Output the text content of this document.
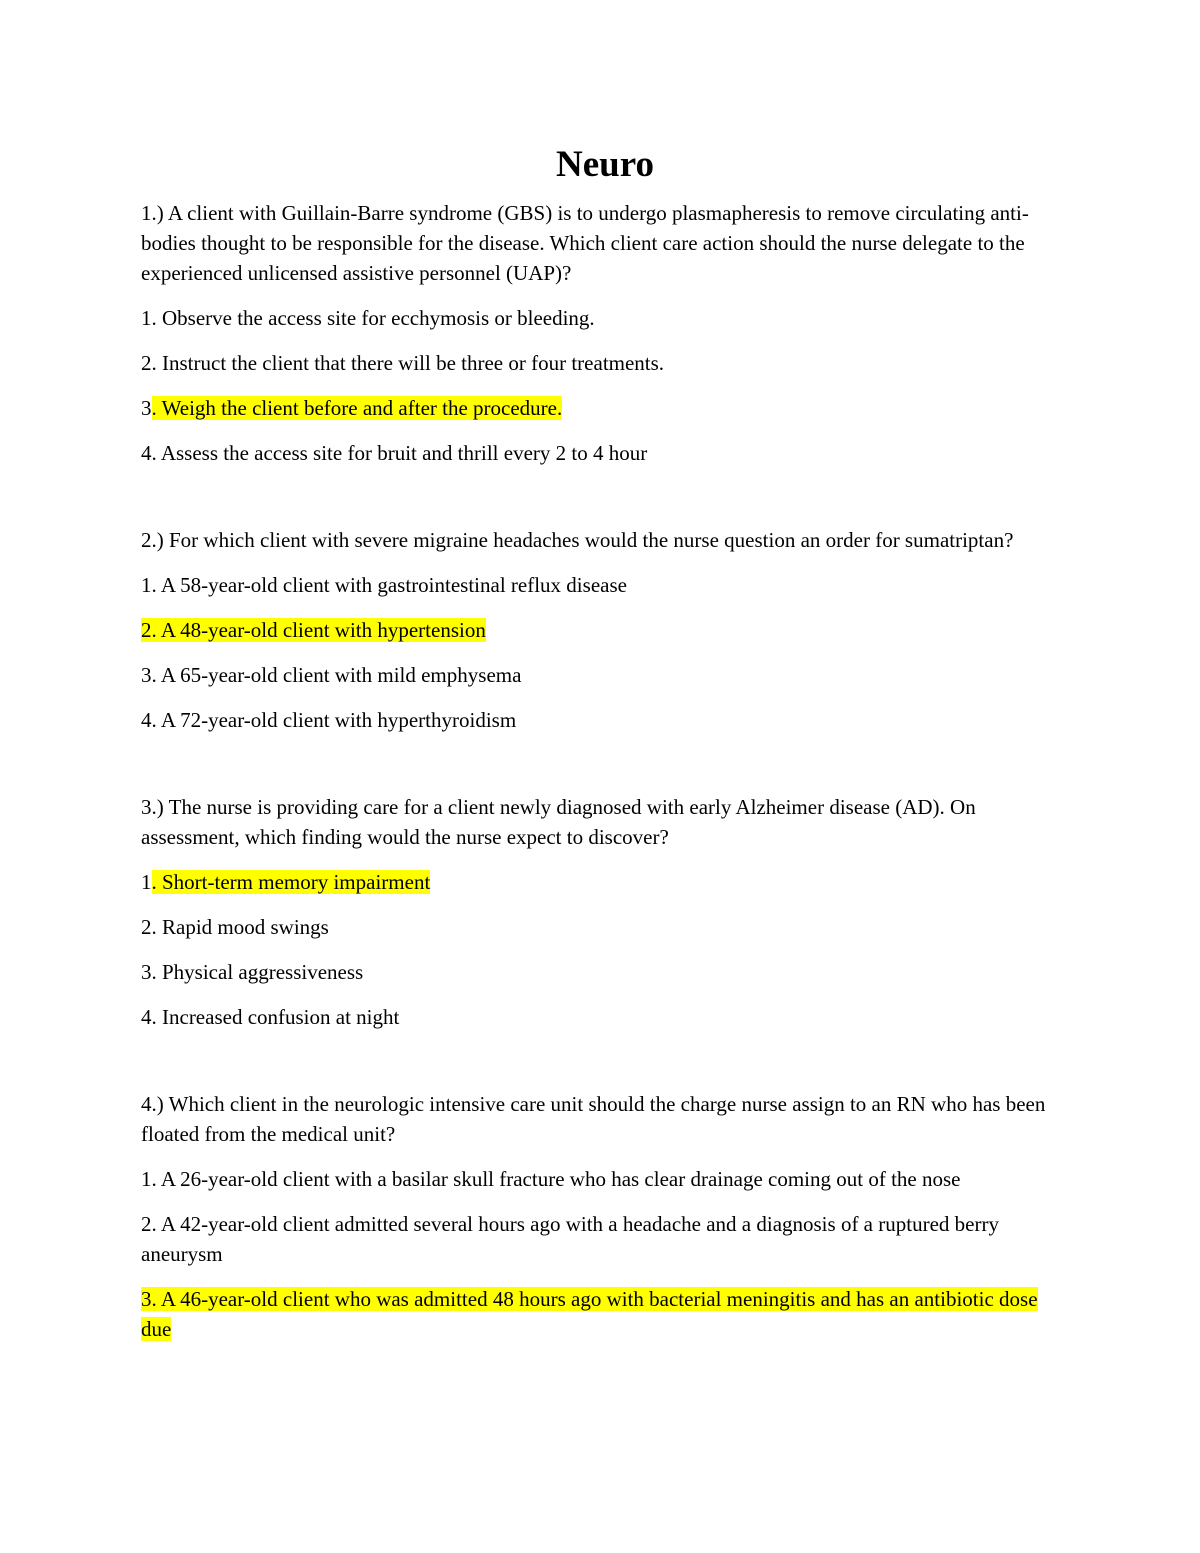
Neuro

1.) A client with Guillain-Barre syndrome (GBS) is to undergo plasmapheresis to remove circulating anti- bodies thought to be responsible for the disease. Which client care action should the nurse delegate to the experienced unlicensed assistive personnel (UAP)?

1. Observe the access site for ecchymosis or bleeding.

2. Instruct the client that there will be three or four treatments.

3. Weigh the client before and after the procedure.

4. Assess the access site for bruit and thrill every 2 to 4 hour

2.) For which client with severe migraine headaches would the nurse question an order for sumatriptan?

1. A 58-year-old client with gastrointestinal reflux disease

2. A 48-year-old client with hypertension

3. A 65-year-old client with mild emphysema

4. A 72-year-old client with hyperthyroidism

3.) The nurse is providing care for a client newly diagnosed with early Alzheimer disease (AD). On assessment, which finding would the nurse expect to discover?

1. Short-term memory impairment

2. Rapid mood swings

3. Physical aggressiveness

4. Increased confusion at night

4.) Which client in the neurologic intensive care unit should the charge nurse assign to an RN who has been floated from the medical unit?

1. A 26-year-old client with a basilar skull fracture who has clear drainage coming out of the nose

2. A 42-year-old client admitted several hours ago with a headache and a diagnosis of a ruptured berry aneurysm

3. A 46-year-old client who was admitted 48 hours ago with bacterial meningitis and has an antibiotic dose due
